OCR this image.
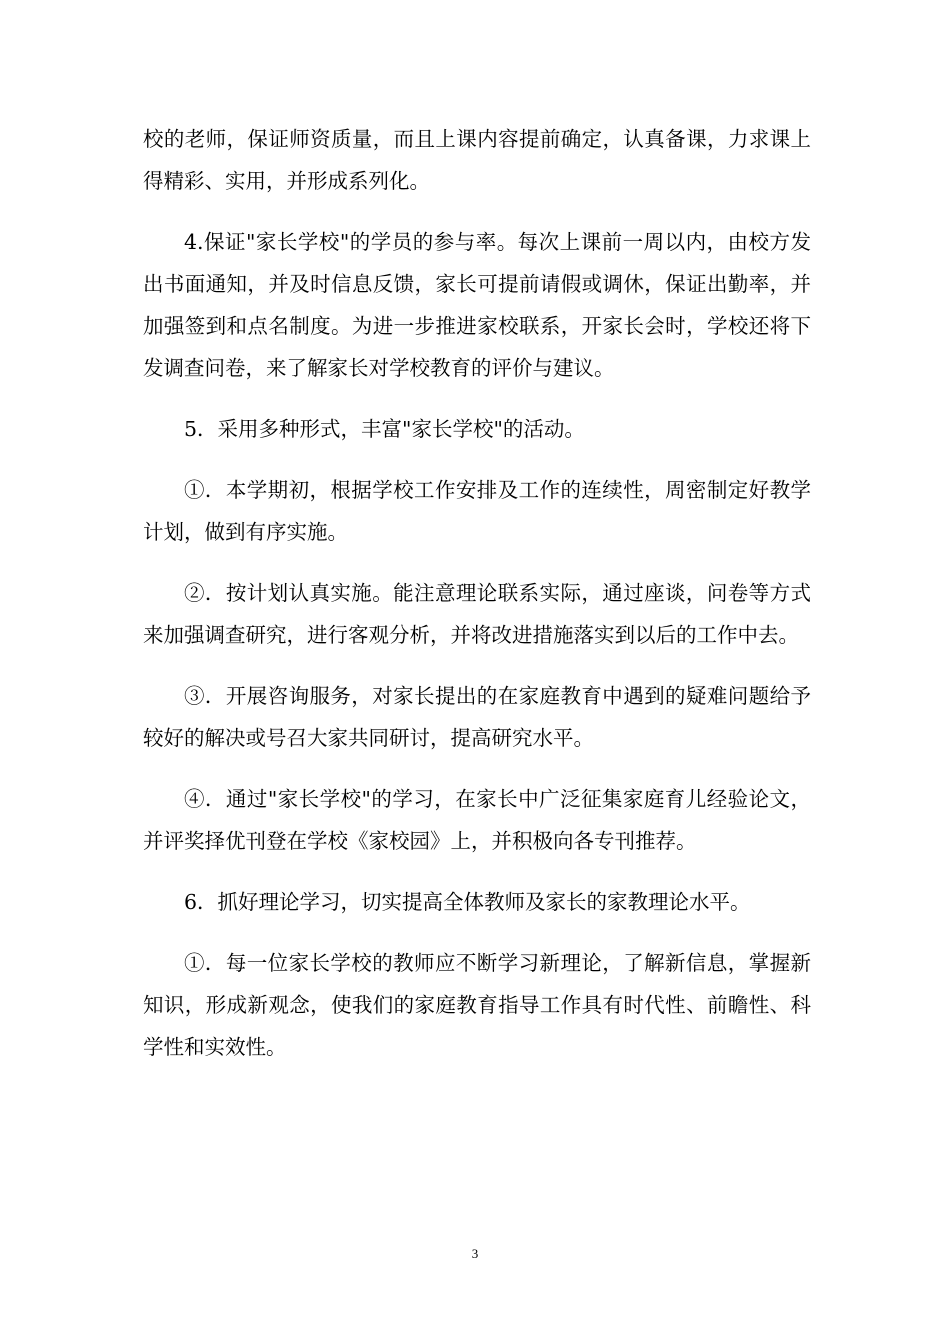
校的老师，保证师资质量，而且上课内容提前确定，认真备课，力求课上得精彩、实用，并形成系列化。

4.保证"家长学校"的学员的参与率。每次上课前一周以内，由校方发出书面通知，并及时信息反馈，家长可提前请假或调休，保证出勤率，并加强签到和点名制度。为进一步推进家校联系，开家长会时，学校还将下发调查问卷，来了解家长对学校教育的评价与建议。

5．采用多种形式，丰富"家长学校"的活动。

①．本学期初，根据学校工作安排及工作的连续性，周密制定好教学计划，做到有序实施。

②．按计划认真实施。能注意理论联系实际，通过座谈，问卷等方式来加强调查研究，进行客观分析，并将改进措施落实到以后的工作中去。

③．开展咨询服务，对家长提出的在家庭教育中遇到的疑难问题给予较好的解决或号召大家共同研讨，提高研究水平。

④．通过"家长学校"的学习，在家长中广泛征集家庭育儿经验论文，并评奖择优刊登在学校《家校园》上，并积极向各专刊推荐。

6．抓好理论学习，切实提高全体教师及家长的家教理论水平。

①．每一位家长学校的教师应不断学习新理论，了解新信息，掌握新知识，形成新观念，使我们的家庭教育指导工作具有时代性、前瞻性、科学性和实效性。

3
